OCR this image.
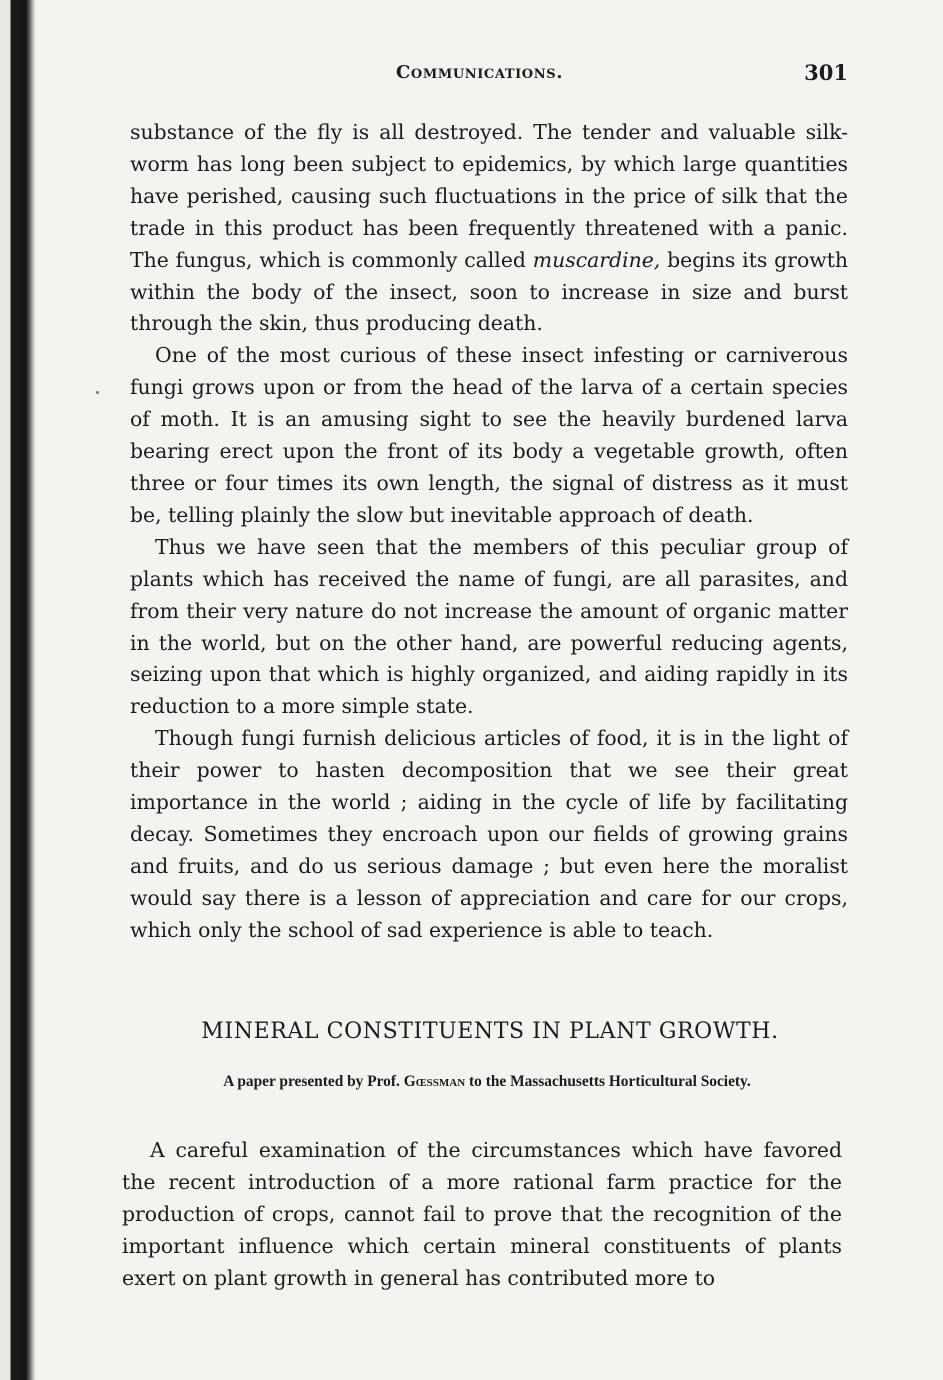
Communications.	301

substance of the fly is all destroyed. The tender and valuable silk-worm has long been subject to epidemics, by which large quantities have perished, causing such fluctuations in the price of silk that the trade in this product has been frequently threatened with a panic. The fungus, which is commonly called muscardine, begins its growth within the body of the insect, soon to increase in size and burst through the skin, thus producing death.

One of the most curious of these insect infesting or carniverous fungi grows upon or from the head of the larva of a certain species of moth. It is an amusing sight to see the heavily burdened larva bearing erect upon the front of its body a vegetable growth, often three or four times its own length, the signal of distress as it must be, telling plainly the slow but inevitable approach of death.

Thus we have seen that the members of this peculiar group of plants which has received the name of fungi, are all parasites, and from their very nature do not increase the amount of organic matter in the world, but on the other hand, are powerful reducing agents, seizing upon that which is highly organized, and aiding rapidly in its reduction to a more simple state.

Though fungi furnish delicious articles of food, it is in the light of their power to hasten decomposition that we see their great importance in the world ; aiding in the cycle of life by facilitating decay. Sometimes they encroach upon our fields of growing grains and fruits, and do us serious damage ; but even here the moralist would say there is a lesson of appreciation and care for our crops, which only the school of sad experience is able to teach.

MINERAL CONSTITUENTS IN PLANT GROWTH.
A paper presented by Prof. Gœssman to the Massachusetts Horticultural Society.

A careful examination of the circumstances which have favored the recent introduction of a more rational farm practice for the production of crops, cannot fail to prove that the recognition of the important influence which certain mineral constituents of plants exert on plant growth in general has contributed more to
